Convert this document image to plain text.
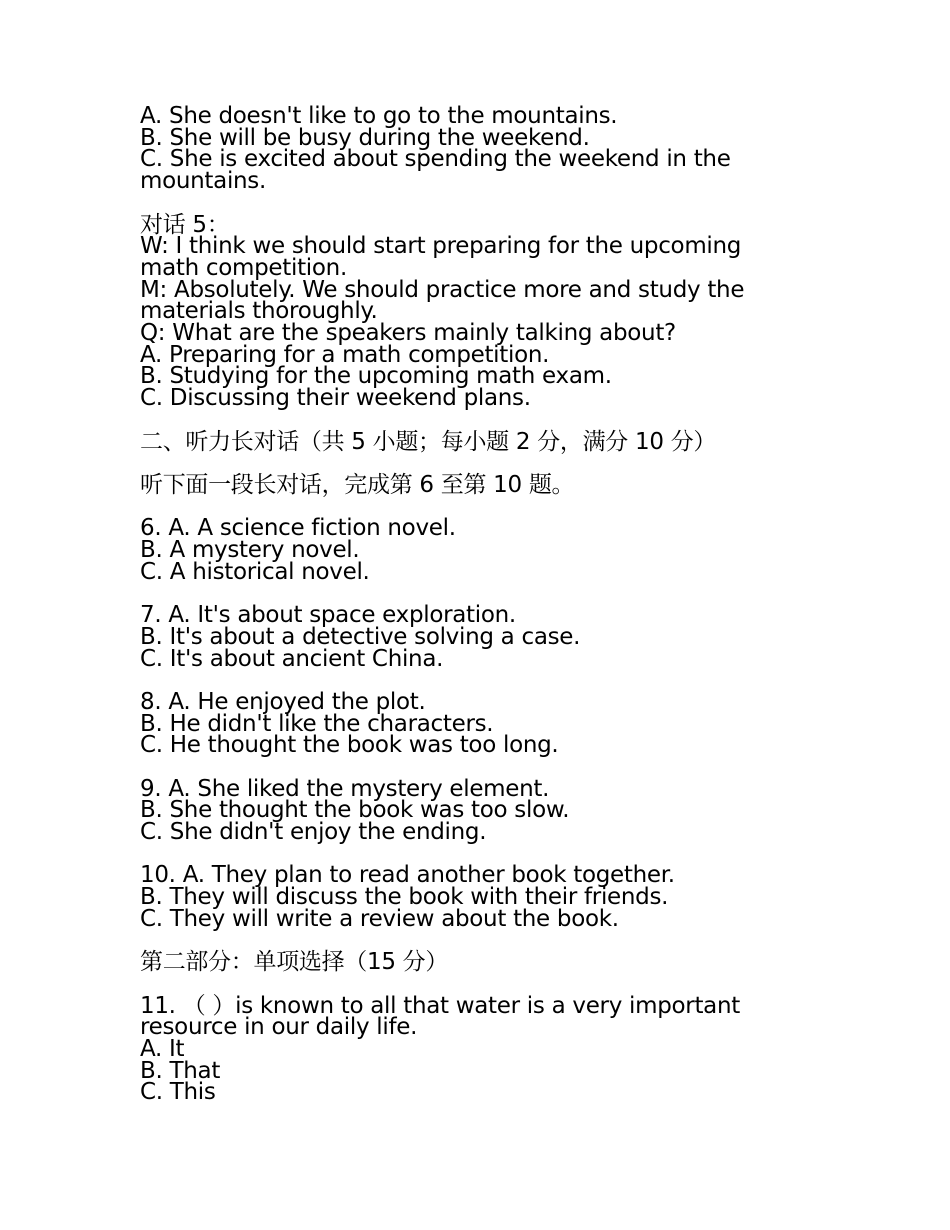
A. She doesn't like to go to the mountains.
B. She will be busy during the weekend.
C. She is excited about spending the weekend in the
mountains.
对话 5：
W: I think we should start preparing for the upcoming
math competition.
M: Absolutely. We should practice more and study the
materials thoroughly.
Q: What are the speakers mainly talking about?
A. Preparing for a math competition.
B. Studying for the upcoming math exam.
C. Discussing their weekend plans.
二、听力长对话（共 5 小题；每小题 2 分，满分 10 分）
听下面一段长对话，完成第 6 至第 10 题。
6. A. A science fiction novel.
B. A mystery novel.
C. A historical novel.
7. A. It's about space exploration.
B. It's about a detective solving a case.
C. It's about ancient China.
8. A. He enjoyed the plot.
B. He didn't like the characters.
C. He thought the book was too long.
9. A. She liked the mystery element.
B. She thought the book was too slow.
C. She didn't enjoy the ending.
10. A. They plan to read another book together.
B. They will discuss the book with their friends.
C. They will write a review about the book.
第二部分：单项选择（15 分）
11. （ ）is known to all that water is a very important
resource in our daily life.
A. It
B. That
C. This
